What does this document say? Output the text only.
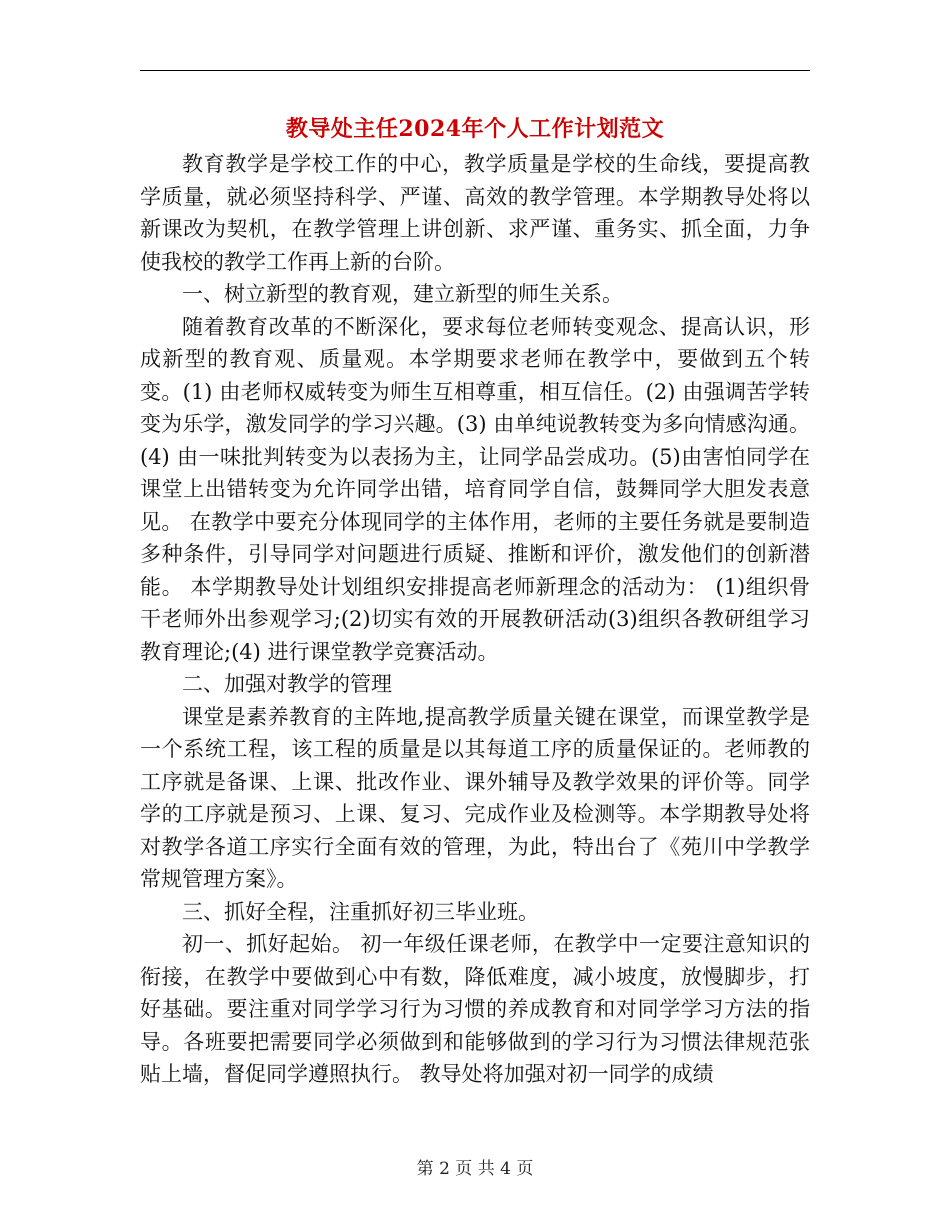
教导处主任2024年个人工作计划范文

教育教学是学校工作的中心，教学质量是学校的生命线，要提高教学质量，就必须坚持科学、严谨、高效的教学管理。本学期教导处将以新课改为契机，在教学管理上讲创新、求严谨、重务实、抓全面，力争使我校的教学工作再上新的台阶。

一、树立新型的教育观，建立新型的师生关系。

随着教育改革的不断深化，要求每位老师转变观念、提高认识，形成新型的教育观、质量观。本学期要求老师在教学中，要做到五个转变。(1) 由老师权威转变为师生互相尊重，相互信任。(2) 由强调苦学转变为乐学，激发同学的学习兴趣。(3) 由单纯说教转变为多向情感沟通。(4) 由一味批判转变为以表扬为主，让同学品尝成功。(5)由害怕同学在课堂上出错转变为允许同学出错，培育同学自信，鼓舞同学大胆发表意见。 在教学中要充分体现同学的主体作用，老师的主要任务就是要制造多种条件，引导同学对问题进行质疑、推断和评价，激发他们的创新潜能。 本学期教导处计划组织安排提高老师新理念的活动为： (1)组织骨干老师外出参观学习;(2)切实有效的开展教研活动(3)组织各教研组学习教育理论;(4) 进行课堂教学竞赛活动。

二、加强对教学的管理

课堂是素养教育的主阵地,提高教学质量关键在课堂，而课堂教学是一个系统工程，该工程的质量是以其每道工序的质量保证的。老师教的工序就是备课、上课、批改作业、课外辅导及教学效果的评价等。同学学的工序就是预习、上课、复习、完成作业及检测等。本学期教导处将对教学各道工序实行全面有效的管理，为此，特出台了《苑川中学教学常规管理方案》。

三、抓好全程，注重抓好初三毕业班。

初一、抓好起始。 初一年级任课老师，在教学中一定要注意知识的衔接，在教学中要做到心中有数，降低难度，减小坡度，放慢脚步，打好基础。要注重对同学学习行为习惯的养成教育和对同学学习方法的指导。各班要把需要同学必须做到和能够做到的学习行为习惯法律规范张贴上墙，督促同学遵照执行。 教导处将加强对初一同学的成绩

第 2 页 共 4 页
